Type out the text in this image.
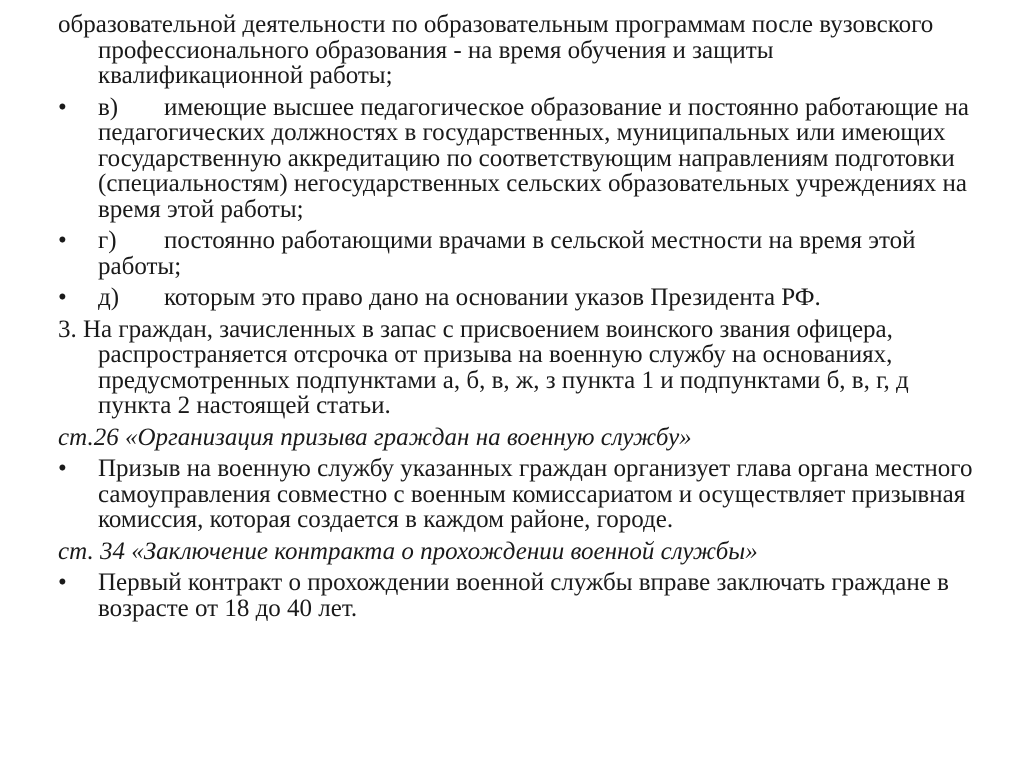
образовательной деятельности по образовательным программам после вузовского профессионального образования - на время обучения и защиты квалификационной работы;
•	в) имеющие высшее педагогическое образование и постоянно работающие на педагогических должностях в государственных, муниципальных или имеющих государственную аккредитацию по соответствующим направлениям подготовки (специальностям) негосударственных сельских образовательных учреждениях на время этой работы;
•	г) постоянно работающими врачами в сельской местности на время этой работы;
•	д) которым это право дано на основании указов Президента РФ.
3. На граждан, зачисленных в запас с присвоением воинского звания офицера, распространяется отсрочка от призыва на военную службу на основаниях, предусмотренных подпунктами а, б, в, ж, з пункта 1 и подпунктами б, в, г, д пункта 2 настоящей статьи.
ст.26 «Организация призыва граждан на военную службу»
•	Призыв на военную службу указанных граждан организует глава органа местного самоуправления совместно с военным комиссариатом и осуществляет призывная комиссия, которая создается в каждом районе, городе.
ст. 34 «Заключение контракта о прохождении военной службы»
•	Первый контракт о прохождении военной службы вправе заключать граждане в возрасте от 18 до 40 лет.
